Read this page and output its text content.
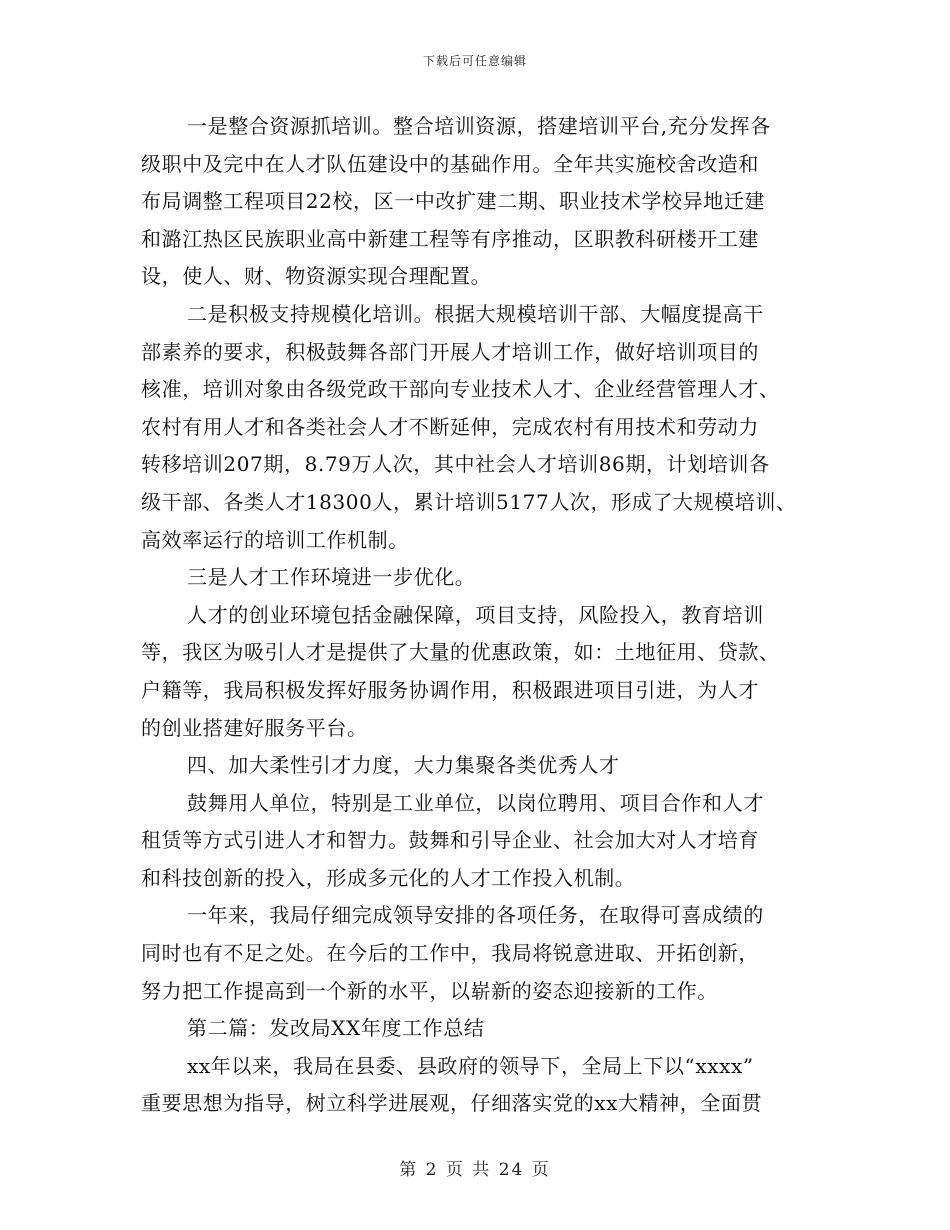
下载后可任意编辑
一是整合资源抓培训。整合培训资源，搭建培训平台,充分发挥各
级职中及完中在人才队伍建设中的基础作用。全年共实施校舍改造和
布局调整工程项目22校，区一中改扩建二期、职业技术学校异地迁建
和潞江热区民族职业高中新建工程等有序推动，区职教科研楼开工建
设，使人、财、物资源实现合理配置。
二是积极支持规模化培训。根据大规模培训干部、大幅度提高干
部素养的要求，积极鼓舞各部门开展人才培训工作，做好培训项目的
核准，培训对象由各级党政干部向专业技术人才、企业经营管理人才、
农村有用人才和各类社会人才不断延伸，完成农村有用技术和劳动力
转移培训207期，8.79万人次，其中社会人才培训86期，计划培训各
级干部、各类人才18300人，累计培训5177人次，形成了大规模培训、
高效率运行的培训工作机制。
三是人才工作环境进一步优化。
人才的创业环境包括金融保障，项目支持，风险投入，教育培训
等，我区为吸引人才是提供了大量的优惠政策，如：土地征用、贷款、
户籍等，我局积极发挥好服务协调作用，积极跟进项目引进，为人才
的创业搭建好服务平台。
四、加大柔性引才力度，大力集聚各类优秀人才
鼓舞用人单位，特别是工业单位，以岗位聘用、项目合作和人才
租赁等方式引进人才和智力。鼓舞和引导企业、社会加大对人才培育
和科技创新的投入，形成多元化的人才工作投入机制。
一年来，我局仔细完成领导安排的各项任务，在取得可喜成绩的
同时也有不足之处。在今后的工作中，我局将锐意进取、开拓创新，
努力把工作提高到一个新的水平，以崭新的姿态迎接新的工作。
第二篇：发改局XX年度工作总结
xx年以来，我局在县委、县政府的领导下，全局上下以“xxxx”
重要思想为指导，树立科学进展观，仔细落实党的xx大精神，全面贯
第 2 页 共 24 页
